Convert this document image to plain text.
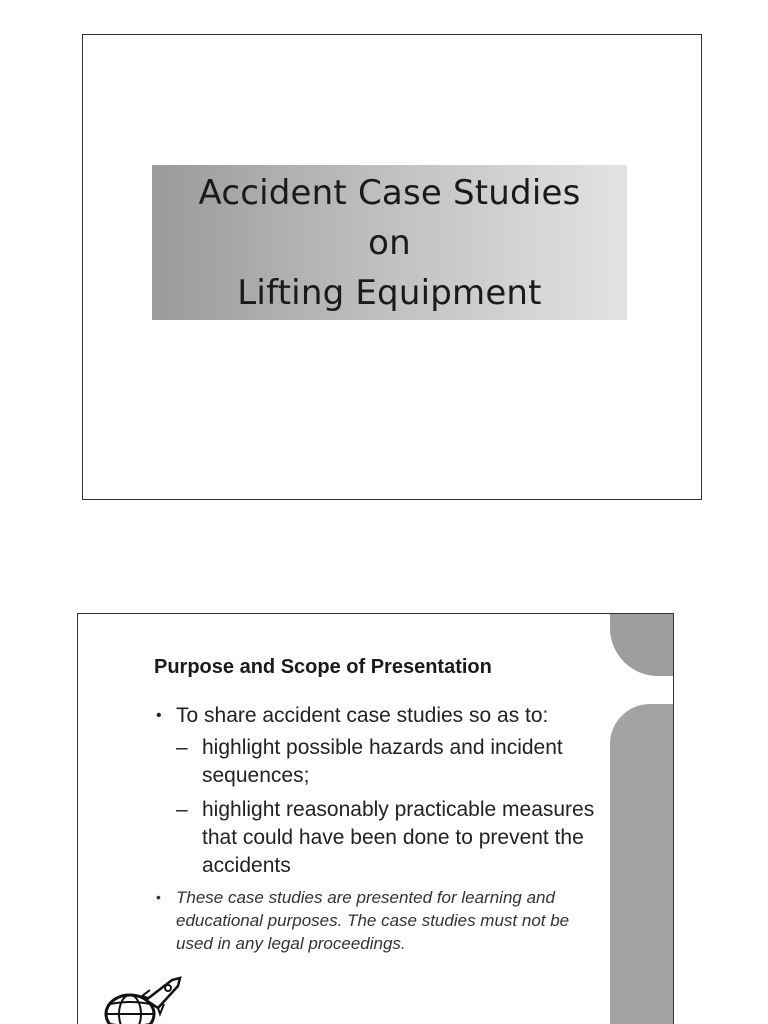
Accident Case Studies
on
Lifting Equipment
Purpose and Scope of Presentation
• To share accident case studies so as to:
– highlight possible hazards and incident sequences;
– highlight reasonably practicable measures that could have been done to prevent the accidents
• These case studies are presented for learning and educational purposes. The case studies must not be used in any legal proceedings.
